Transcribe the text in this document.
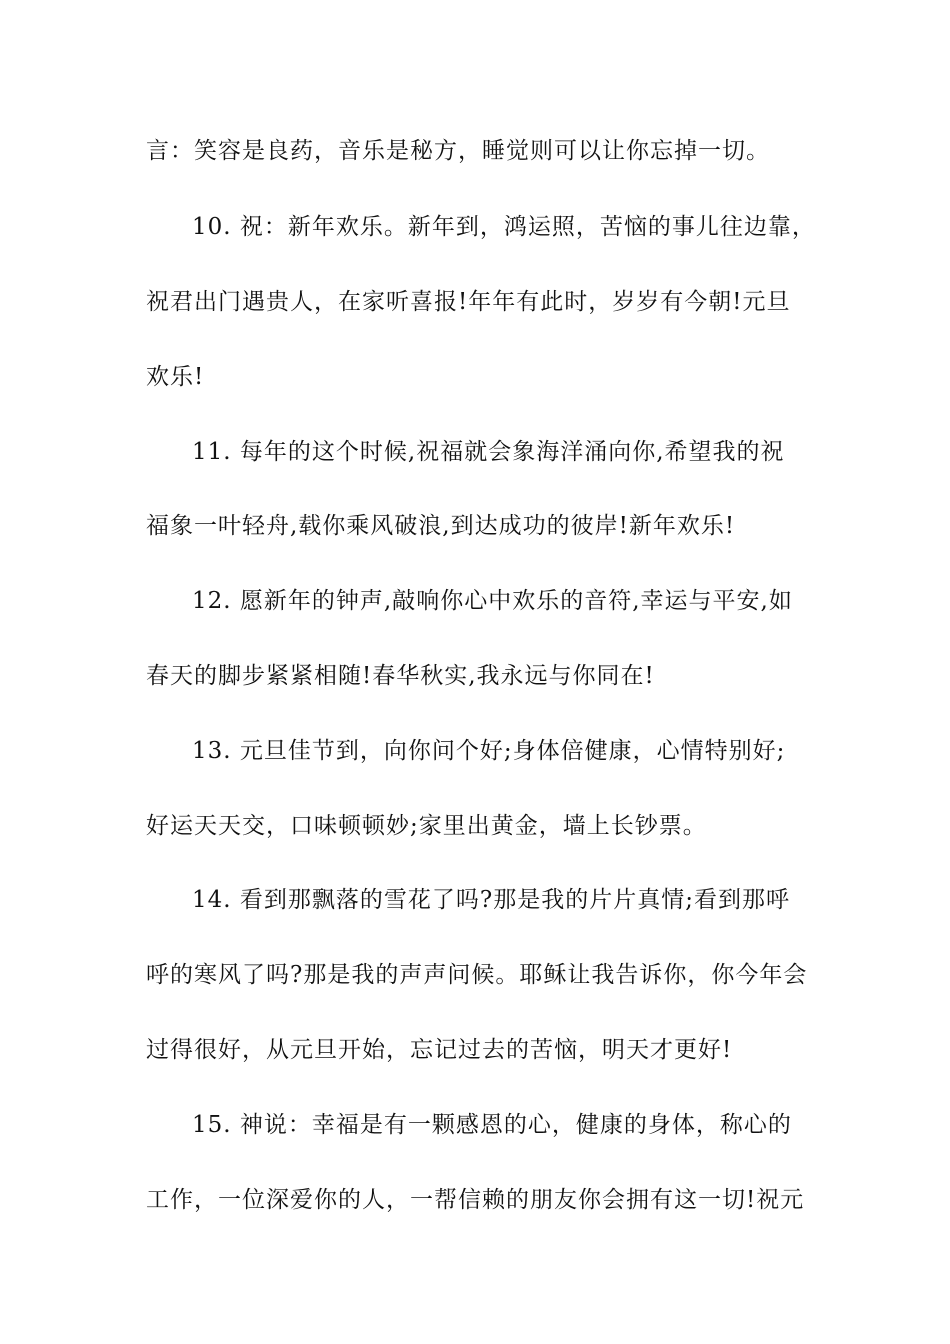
言：笑容是良药，音乐是秘方，睡觉则可以让你忘掉一切。
10. 祝：新年欢乐。新年到，鸿运照，苦恼的事儿往边靠，
祝君出门遇贵人，在家听喜报!年年有此时，岁岁有今朝!元旦
欢乐!
11. 每年的这个时候,祝福就会象海洋涌向你,希望我的祝
福象一叶轻舟,载你乘风破浪,到达成功的彼岸!新年欢乐!
12. 愿新年的钟声,敲响你心中欢乐的音符,幸运与平安,如
春天的脚步紧紧相随!春华秋实,我永远与你同在!
13. 元旦佳节到，向你问个好;身体倍健康，心情特别好;
好运天天交，口味顿顿妙;家里出黄金，墙上长钞票。
14. 看到那飘落的雪花了吗?那是我的片片真情;看到那呼
呼的寒风了吗?那是我的声声问候。耶稣让我告诉你，你今年会
过得很好，从元旦开始，忘记过去的苦恼，明天才更好!
15. 神说：幸福是有一颗感恩的心，健康的身体，称心的
工作，一位深爱你的人，一帮信赖的朋友你会拥有这一切!祝元
